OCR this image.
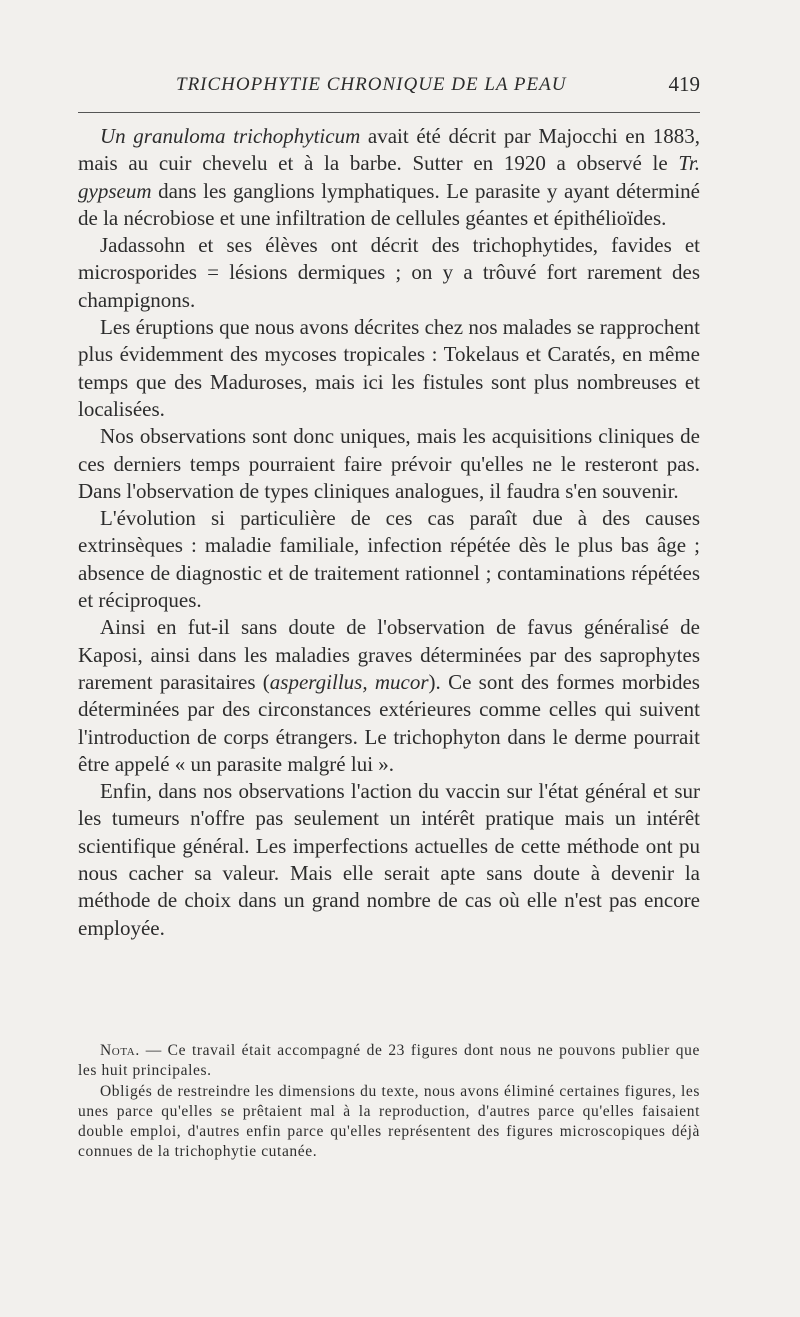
TRICHOPHYTIE CHRONIQUE DE LA PEAU	419

Un granuloma trichophyticum avait été décrit par Majocchi en 1883, mais au cuir chevelu et à la barbe. Sutter en 1920 a observé le Tr. gypseum dans les ganglions lymphatiques. Le parasite y ayant déterminé de la nécrobiose et une infiltration de cellules géantes et épithélioïdes.

Jadassohn et ses élèves ont décrit des trichophytides, favides et microsporides = lésions dermiques ; on y a trôuvé fort rarement des champignons.

Les éruptions que nous avons décrites chez nos malades se rapprochent plus évidemment des mycoses tropicales : Tokelaus et Caratés, en même temps que des Maduroses, mais ici les fistules sont plus nombreuses et localisées.

Nos observations sont donc uniques, mais les acquisitions cliniques de ces derniers temps pourraient faire prévoir qu'elles ne le resteront pas. Dans l'observation de types cliniques analogues, il faudra s'en souvenir.

L'évolution si particulière de ces cas paraît due à des causes extrinsèques : maladie familiale, infection répétée dès le plus bas âge ; absence de diagnostic et de traitement rationnel ; contaminations répétées et réciproques.

Ainsi en fut-il sans doute de l'observation de favus généralisé de Kaposi, ainsi dans les maladies graves déterminées par des saprophytes rarement parasitaires (aspergillus, mucor). Ce sont des formes morbides déterminées par des circonstances extérieures comme celles qui suivent l'introduction de corps étrangers. Le trichophyton dans le derme pourrait être appelé « un parasite malgré lui ».

Enfin, dans nos observations l'action du vaccin sur l'état général et sur les tumeurs n'offre pas seulement un intérêt pratique mais un intérêt scientifique général. Les imperfections actuelles de cette méthode ont pu nous cacher sa valeur. Mais elle serait apte sans doute à devenir la méthode de choix dans un grand nombre de cas où elle n'est pas encore employée.

Nota. — Ce travail était accompagné de 23 figures dont nous ne pouvons publier que les huit principales.

Obligés de restreindre les dimensions du texte, nous avons éliminé certaines figures, les unes parce qu'elles se prêtaient mal à la reproduction, d'autres parce qu'elles faisaient double emploi, d'autres enfin parce qu'elles représentent des figures microscopiques déjà connues de la trichophytie cutanée.
